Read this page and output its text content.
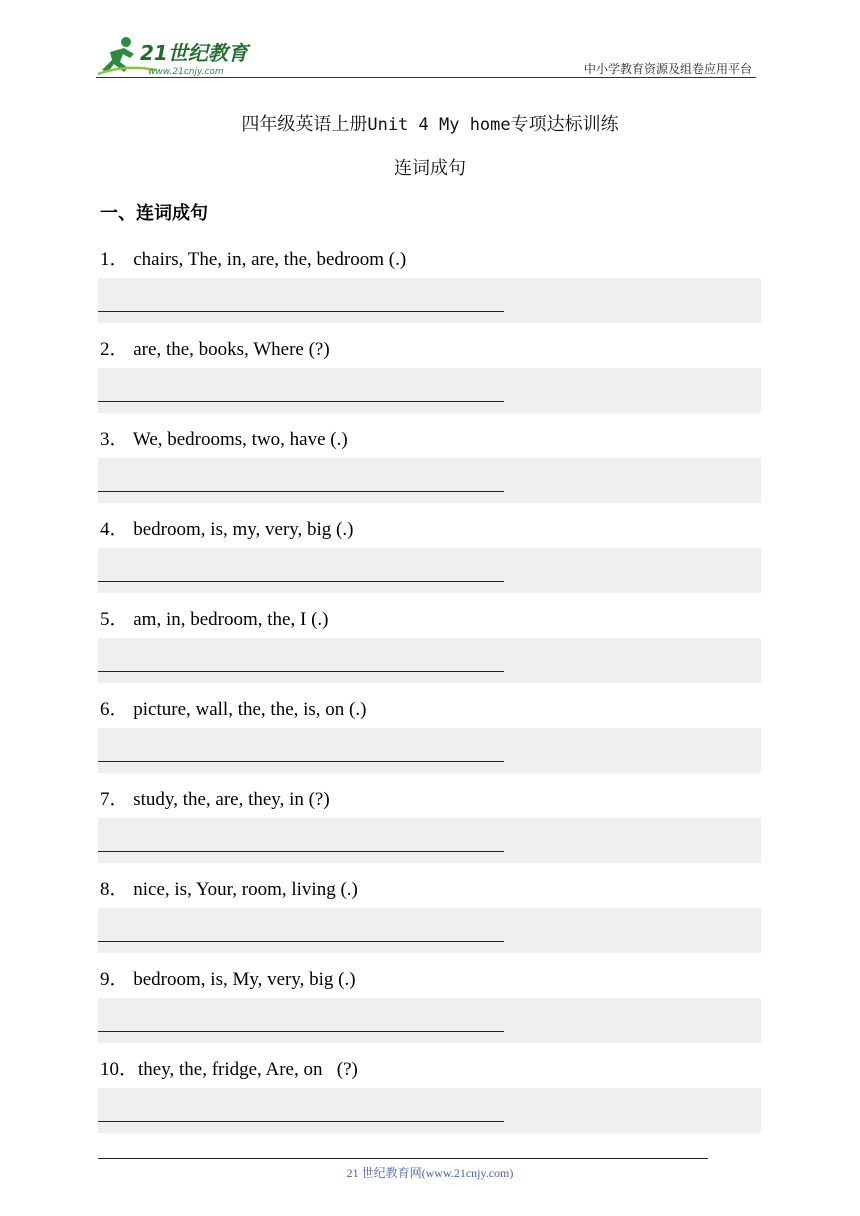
21世纪教育
www.21cnjy.com	中小学教育资源及组卷应用平台
四年级英语上册Unit 4 My home专项达标训练
连词成句
一、连词成句
1． chairs, The, in, are, the, bedroom (.)
2． are, the, books, Where (?)
3． We, bedrooms, two, have (.)
4． bedroom, is, my, very, big (.)
5． am, in, bedroom, the, I (.)
6． picture, wall, the, the, is, on (.)
7． study, the, are, they, in (?)
8． nice, is, Your, room, living (.)
9． bedroom, is, My, very, big (.)
10．they, the, fridge, Are, on   (?)
21 世纪教育网(www.21cnjy.com)
